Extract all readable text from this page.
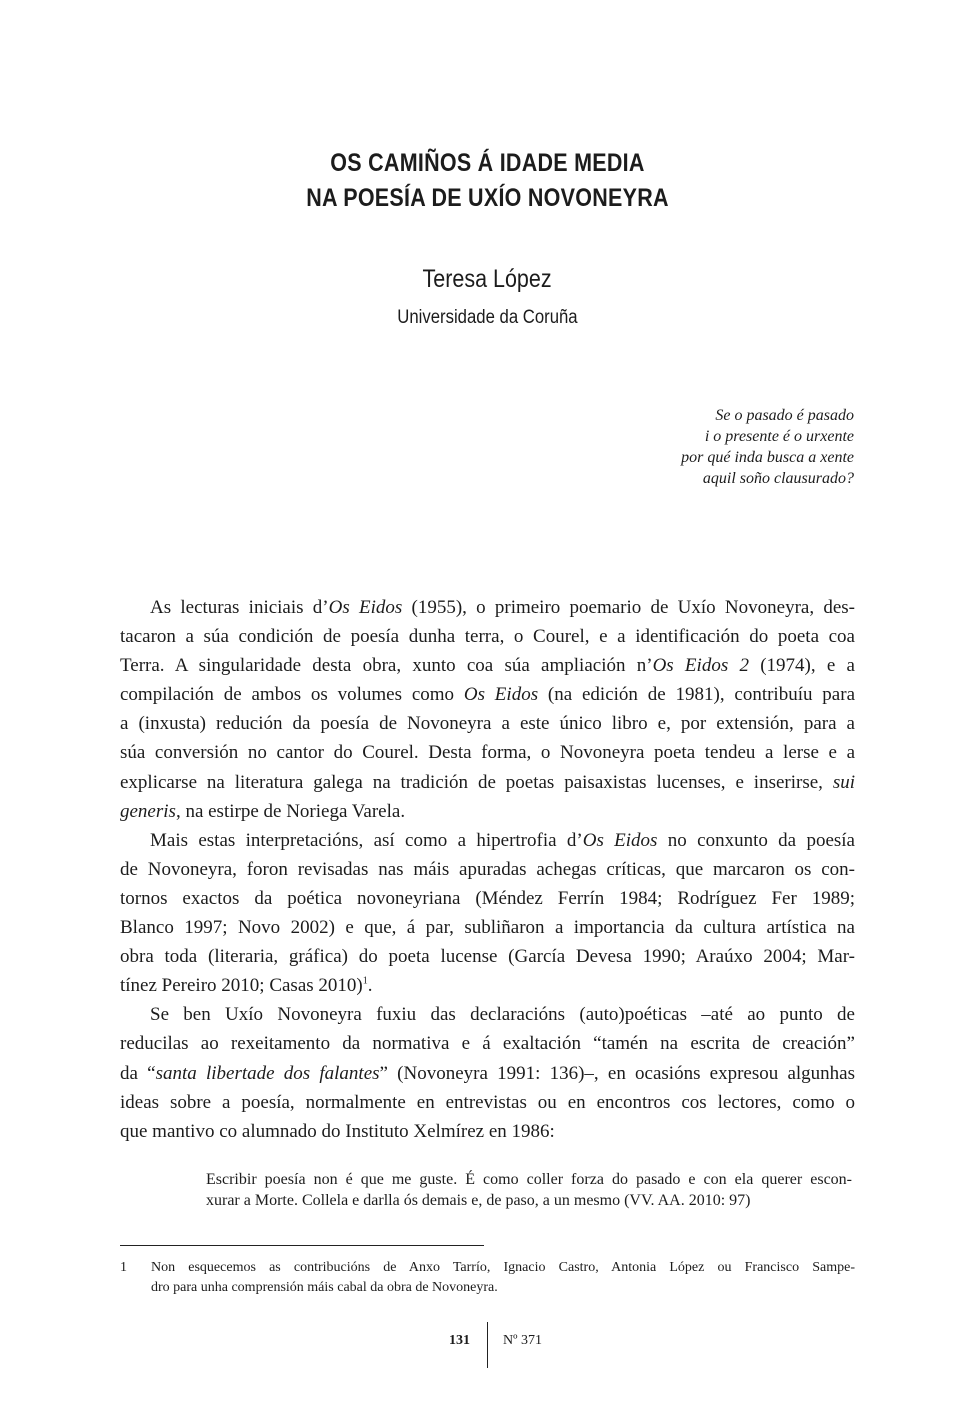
OS CAMIÑOS Á IDADE MEDIA
NA POESÍA DE UXÍO NOVONEYRA
Teresa López
Universidade da Coruña
Se o pasado é pasado
i o presente é o urxente
por qué inda busca a xente
aquil soño clausurado?
As lecturas iniciais d’Os Eidos (1955), o primeiro poemario de Uxío Novoneyra, des-
tacaron a súa condición de poesía dunha terra, o Courel, e a identificación do poeta coa
Terra. A singularidade desta obra, xunto coa súa ampliación n’Os Eidos 2 (1974), e a
compilación de ambos os volumes como Os Eidos (na edición de 1981), contribuíu para
a (inxusta) redución da poesía de Novoneyra a este único libro e, por extensión, para a
súa conversión no cantor do Courel. Desta forma, o Novoneyra poeta tendeu a lerse e a
explicarse na literatura galega na tradición de poetas paisaxistas lucenses, e inserirse, sui
generis, na estirpe de Noriega Varela.
Mais estas interpretacións, así como a hipertrofia d’Os Eidos no conxunto da poesía
de Novoneyra, foron revisadas nas máis apuradas achegas críticas, que marcaron os con-
tornos exactos da poética novoneyriana (Méndez Ferrín 1984; Rodríguez Fer 1989;
Blanco 1997; Novo 2002) e que, á par, subliñaron a importancia da cultura artística na
obra toda (literaria, gráfica) do poeta lucense (García Devesa 1990; Araúxo 2004; Mar-
tínez Pereiro 2010; Casas 2010)$^1$.
Se ben Uxío Novoneyra fuxiu das declaracións (auto)poéticas –até ao punto de
reducilas ao rexeitamento da normativa e á exaltación “tamén na escrita de creación”
da “santa libertade dos falantes” (Novoneyra 1991: 136)–, en ocasións expresou algunhas
ideas sobre a poesía, normalmente en entrevistas ou en encontros cos lectores, como o
que mantivo co alumnado do Instituto Xelmírez en 1986:
Escribir poesía non é que me guste. É como coller forza do pasado e con ela querer escon-
xurar a Morte. Collela e darlla ós demais e, de paso, a un mesmo (VV. AA. 2010: 97)
1 Non esquecemos as contribucións de Anxo Tarrío, Ignacio Castro, Antonia López ou Francisco Sampe-
dro para unha comprensión máis cabal da obra de Novoneyra.
131 Nº 371
